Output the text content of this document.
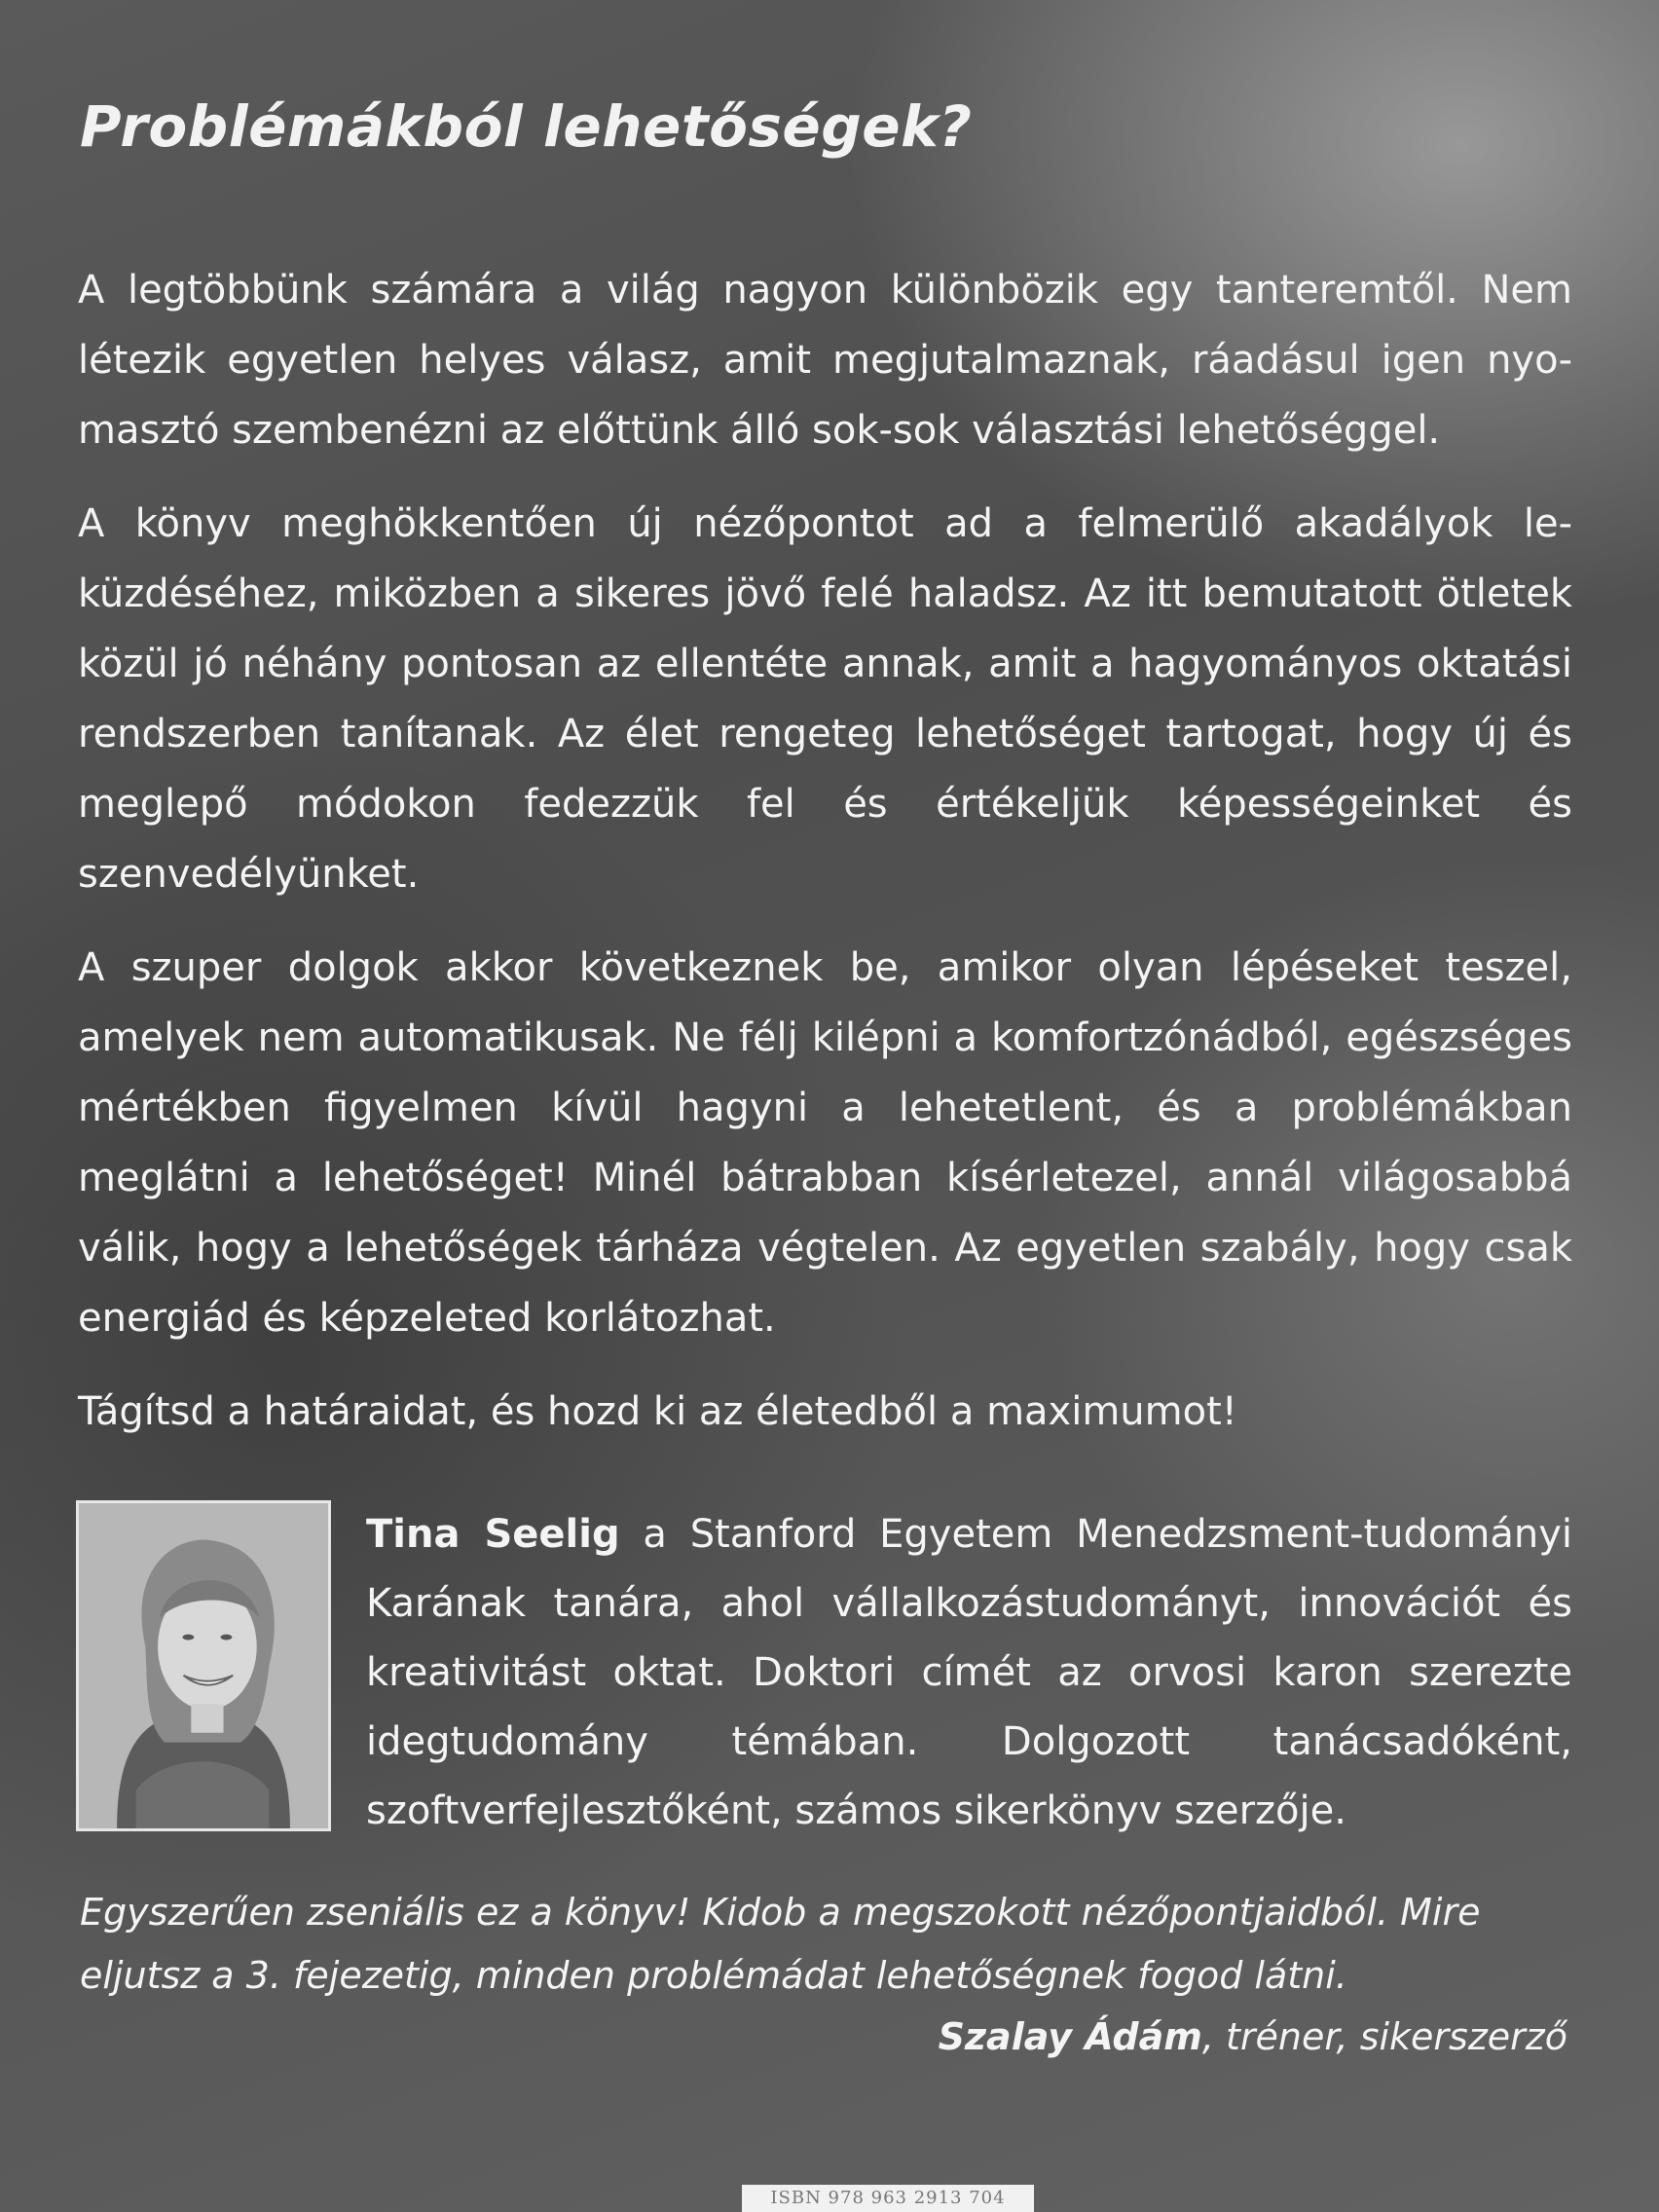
Problémákból lehetőségek?

A legtöbbünk számára a világ nagyon különbözik egy tanteremtől. Nem létezik egyetlen helyes válasz, amit megjutalmaznak, ráadásul igen nyomasztó szembenézni az előttünk álló sok-sok választási lehetőséggel.

A könyv meghökkentően új nézőpontot ad a felmerülő akadályok leküzdéséhez, miközben a sikeres jövő felé haladsz. Az itt bemutatott ötletek közül jó néhány pontosan az ellentéte annak, amit a hagyományos oktatási rendszerben tanítanak. Az élet rengeteg lehetőséget tartogat, hogy új és meglepő módokon fedezzük fel és értékeljük képességeinket és szenvedélyünket.

A szuper dolgok akkor következnek be, amikor olyan lépéseket teszel, amelyek nem automatikusak. Ne félj kilépni a komfortzónádból, egészséges mértékben figyelmen kívül hagyni a lehetetlent, és a problémákban meglátni a lehetőséget! Minél bátrabban kísérletezel, annál világosabbá válik, hogy a lehetőségek tárháza végtelen. Az egyetlen szabály, hogy csak energiád és képzeleted korlátozhat.

Tágítsd a határaidat, és hozd ki az életedből a maximumot!

Tina Seelig a Stanford Egyetem Menedzsment-tudományi Karának tanára, ahol vállalkozástudományt, innovációt és kreativitást oktat. Doktori címét az orvosi karon szerezte idegtudomány témában. Dolgozott tanácsadóként, szoftverfejlesztőként, számos sikerkönyv szerzője.

Egyszerűen zseniális ez a könyv! Kidob a megszokott nézőpontjaidból. Mire eljutsz a 3. fejezetig, minden problémádat lehetőségnek fogod látni.

Szalay Ádám, tréner, sikerszerző

ISBN 978 963 2913 704
